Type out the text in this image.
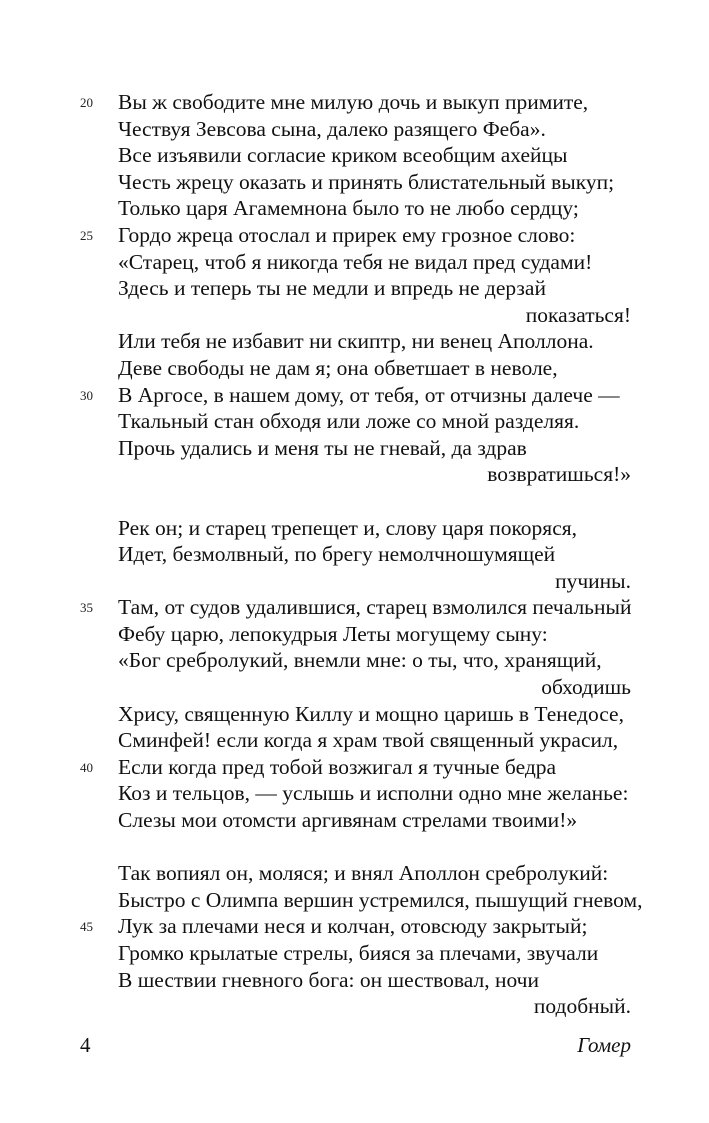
20 Вы ж свободите мне милую дочь и выкуп примите,
Чествуя Зевсова сына, далеко разящего Феба».
Все изъявили согласие криком всеобщим ахейцы
Честь жрецу оказать и принять блистательный выкуп;
Только царя Агамемнона было то не любо сердцу;
25 Гордо жреца отослал и прирек ему грозное слово:
«Старец, чтоб я никогда тебя не видал пред судами!
Здесь и теперь ты не медли и впредь не дерзай
показаться!
Или тебя не избавит ни скиптр, ни венец Аполлона.
Деве свободы не дам я; она обветшает в неволе,
30 В Аргосе, в нашем дому, от тебя, от отчизны далече —
Ткальный стан обходя или ложе со мной разделяя.
Прочь удались и меня ты не гневай, да здрав
возвратишься!»
Рек он; и старец трепещет и, слову царя покоряся,
Идет, безмолвный, по брегу немолчношумящей
пучины.
35 Там, от судов удалившися, старец взмолился печальный
Фебу царю, лепокудрыя Леты могущему сыну:
«Бог сребролукий, внемли мне: о ты, что, хранящий,
обходишь
Хрису, священную Киллу и мощно царишь в Тенедосе,
Сминфей! если когда я храм твой священный украсил,
40 Если когда пред тобой возжигал я тучные бедра
Коз и тельцов, — услышь и исполни одно мне желанье:
Слезы мои отомсти аргивянам стрелами твоими!»
Так вопиял он, моляся; и внял Аполлон сребролукий:
Быстро с Олимпа вершин устремился, пышущий гневом,
45 Лук за плечами неся и колчан, отовсюду закрытый;
Громко крылатые стрелы, бияся за плечами, звучали
В шествии гневного бога: он шествовал, ночи
подобный.
4	Гомер
